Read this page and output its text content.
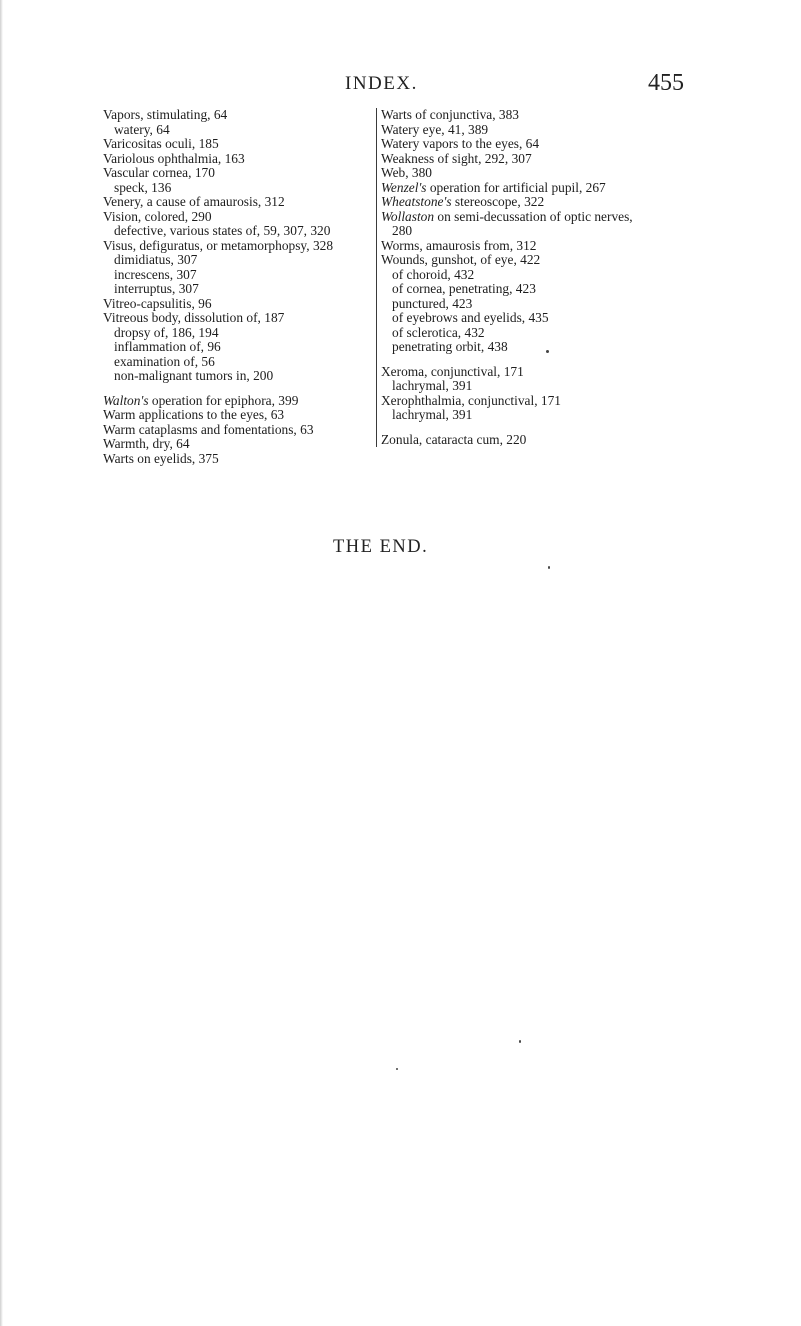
INDEX.	455
Vapors, stimulating, 64
watery, 64
Varicositas oculi, 185
Variolous ophthalmia, 163
Vascular cornea, 170
speck, 136
Venery, a cause of amaurosis, 312
Vision, colored, 290
defective, various states of, 59, 307, 320
Visus, defiguratus, or metamorphopsy, 328
dimidiatus, 307
increscens, 307
interruptus, 307
Vitreo-capsulitis, 96
Vitreous body, dissolution of, 187
dropsy of, 186, 194
inflammation of, 96
examination of, 56
non-malignant tumors in, 200
Walton's operation for epiphora, 399
Warm applications to the eyes, 63
Warm cataplasms and fomentations, 63
Warmth, dry, 64
Warts on eyelids, 375
Warts of conjunctiva, 383
Watery eye, 41, 389
Watery vapors to the eyes, 64
Weakness of sight, 292, 307
Web, 380
Wenzel's operation for artificial pupil, 267
Wheatstone's stereoscope, 322
Wollaston on semi-decussation of optic nerves,
280
Worms, amaurosis from, 312
Wounds, gunshot, of eye, 422
of choroid, 432
of cornea, penetrating, 423
punctured, 423
of eyebrows and eyelids, 435
of sclerotica, 432
penetrating orbit, 438
Xeroma, conjunctival, 171
lachrymal, 391
Xerophthalmia, conjunctival, 171
lachrymal, 391
Zonula, cataracta cum, 220
THE END.
